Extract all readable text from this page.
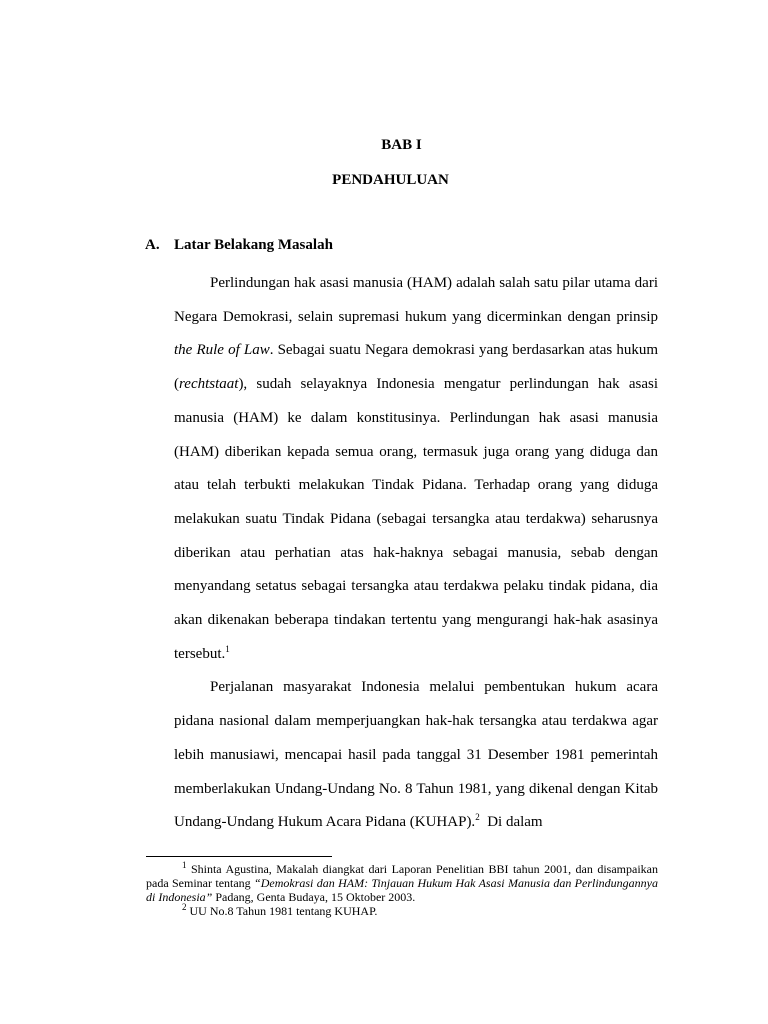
BAB I
PENDAHULUAN
A. Latar Belakang Masalah

Perlindungan hak asasi manusia (HAM) adalah salah satu pilar utama dari Negara Demokrasi, selain supremasi hukum yang dicerminkan dengan prinsip the Rule of Law. Sebagai suatu Negara demokrasi yang berdasarkan atas hukum (rechtstaat), sudah selayaknya Indonesia mengatur perlindungan hak asasi manusia (HAM) ke dalam konstitusinya. Perlindungan hak asasi manusia (HAM) diberikan kepada semua orang, termasuk juga orang yang diduga dan atau telah terbukti melakukan Tindak Pidana. Terhadap orang yang diduga melakukan suatu Tindak Pidana (sebagai tersangka atau terdakwa) seharusnya diberikan atau perhatian atas hak-haknya sebagai manusia, sebab dengan menyandang setatus sebagai tersangka atau terdakwa pelaku tindak pidana, dia akan dikenakan beberapa tindakan tertentu yang mengurangi hak-hak asasinya tersebut.$^1$

Perjalanan masyarakat Indonesia melalui pembentukan hukum acara pidana nasional dalam memperjuangkan hak-hak tersangka atau terdakwa agar lebih manusiawi, mencapai hasil pada tanggal 31 Desember 1981 pemerintah memberlakukan Undang-Undang No. 8 Tahun 1981, yang dikenal dengan Kitab Undang-Undang Hukum Acara Pidana (KUHAP).$^2$  Di dalam

$^1$ Shinta Agustina, Makalah diangkat dari Laporan Penelitian BBI tahun 2001, dan disampaikan pada Seminar tentang “Demokrasi dan HAM: Tinjauan Hukum Hak Asasi Manusia dan Perlindungannya di Indonesia” Padang, Genta Budaya, 15 Oktober 2003.

$^2$ UU No.8 Tahun 1981 tentang KUHAP.
